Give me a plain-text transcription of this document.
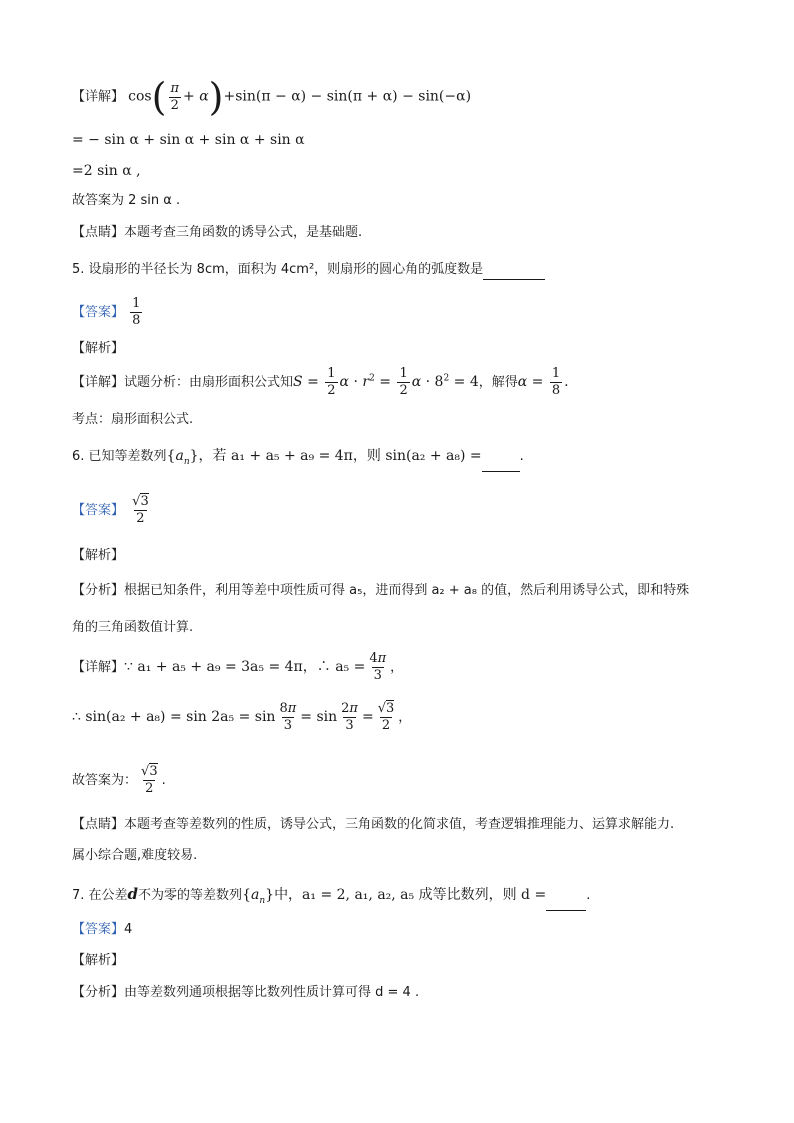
【详解】 $\cos( \frac{\pi}{2} + \alpha)+\sin(\pi - \alpha) - \sin(\pi + \alpha) - \sin(-\alpha)$
= − sin α + sin α + sin α + sin α
=2 sin α ,
故答案为 2 sin α .
【点睛】本题考查三角函数的诱导公式，是基础题.
5. 设扇形的半径长为 8cm，面积为 4cm²，则扇形的圆心角的弧度数是
【答案】 $\frac{1}{8}$
【解析】
【详解】试题分析：由扇形面积公式知$S = \frac{1}{2}$ $\alpha \cdot r^2 = \frac{1}{2}$ $\alpha \cdot 8^2 = 4$，解得$\alpha = \frac{1}{8}$ .
考点：扇形面积公式.
6. 已知等差数列$\{a_n\}$，若 a₁ + a₅ + a₉ = 4π，则 sin(a₂ + a₈) =	.
【答案】 $\frac{√3}{2}$
【解析】
【分析】根据已知条件，利用等差中项性质可得 a₅，进而得到 a₂ + a₈ 的值，然后利用诱导公式，即和特殊
角的三角函数值计算.
【详解】∵ a₁ + a₅ + a₉ = 3a₅ = 4π，∴ $a_5 = \frac{4\pi}{3}$ ，
∴ $\sin(a_2 + a_8) = \sin 2a_5 = \sin \frac{8\pi}{3} = \sin \frac{2\pi}{3} = \frac{√3}{2}$ ，
故答案为： $\frac{√3}{2}$ .
【点睛】本题考查等差数列的性质，诱导公式，三角函数的化简求值，考查逻辑推理能力、运算求解能力.
属小综合题,难度较易.
7. 在公差d不为零的等差数列$\{a_n\}$中，a₁ = 2, a₁, a₂, a₅ 成等比数列，则 d =	.
【答案】4
【解析】
【分析】由等差数列通项根据等比数列性质计算可得 d = 4 .
